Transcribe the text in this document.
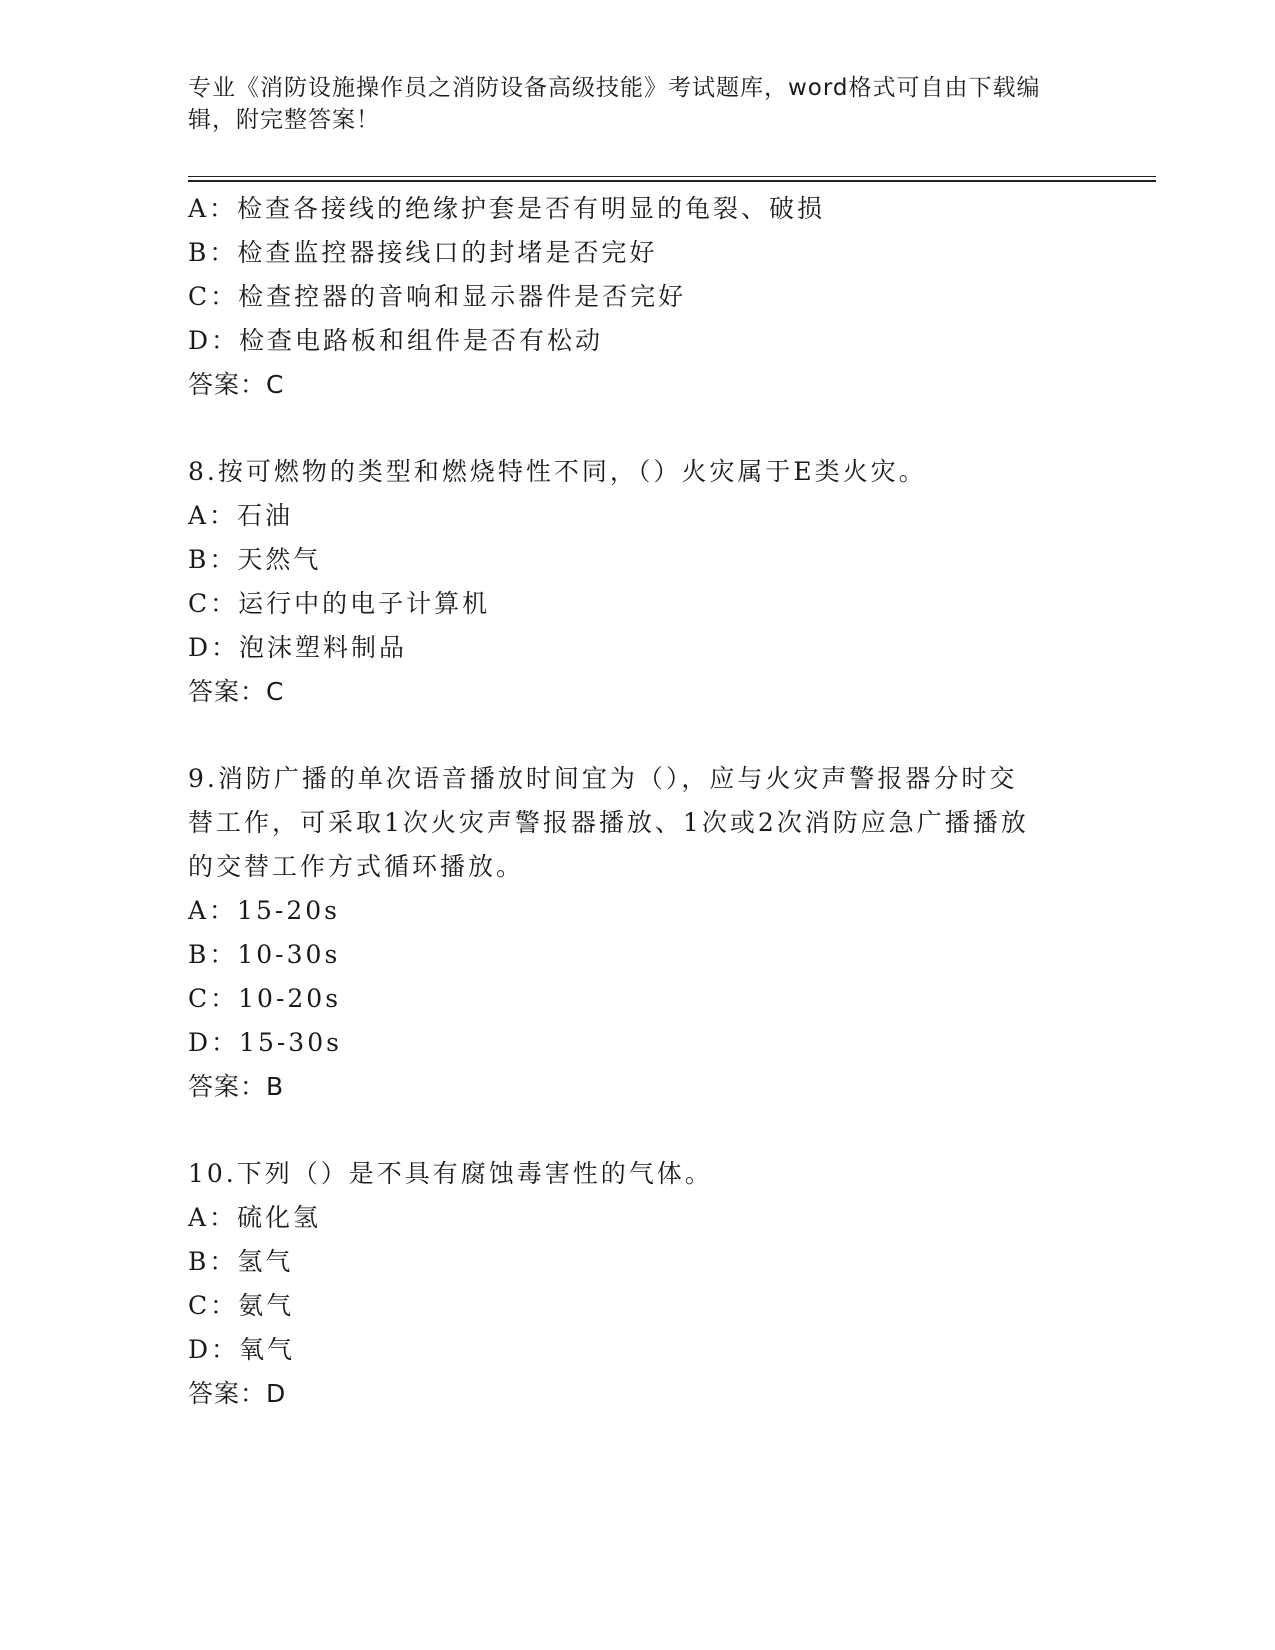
专业《消防设施操作员之消防设备高级技能》考试题库，word格式可自由下载编
辑，附完整答案！
A：检查各接线的绝缘护套是否有明显的龟裂、破损
B：检查监控器接线口的封堵是否完好
C：检查控器的音响和显示器件是否完好
D：检查电路板和组件是否有松动
答案：C
8.按可燃物的类型和燃烧特性不同，（）火灾属于E类火灾。
A：石油
B：天然气
C：运行中的电子计算机
D：泡沫塑料制品
答案：C
9.消防广播的单次语音播放时间宜为（），应与火灾声警报器分时交
替工作，可采取1次火灾声警报器播放、1次或2次消防应急广播播放
的交替工作方式循环播放。
A：15-20s
B：10-30s
C：10-20s
D：15-30s
答案：B
10.下列（）是不具有腐蚀毒害性的气体。
A：硫化氢
B：氢气
C：氨气
D：氧气
答案：D
